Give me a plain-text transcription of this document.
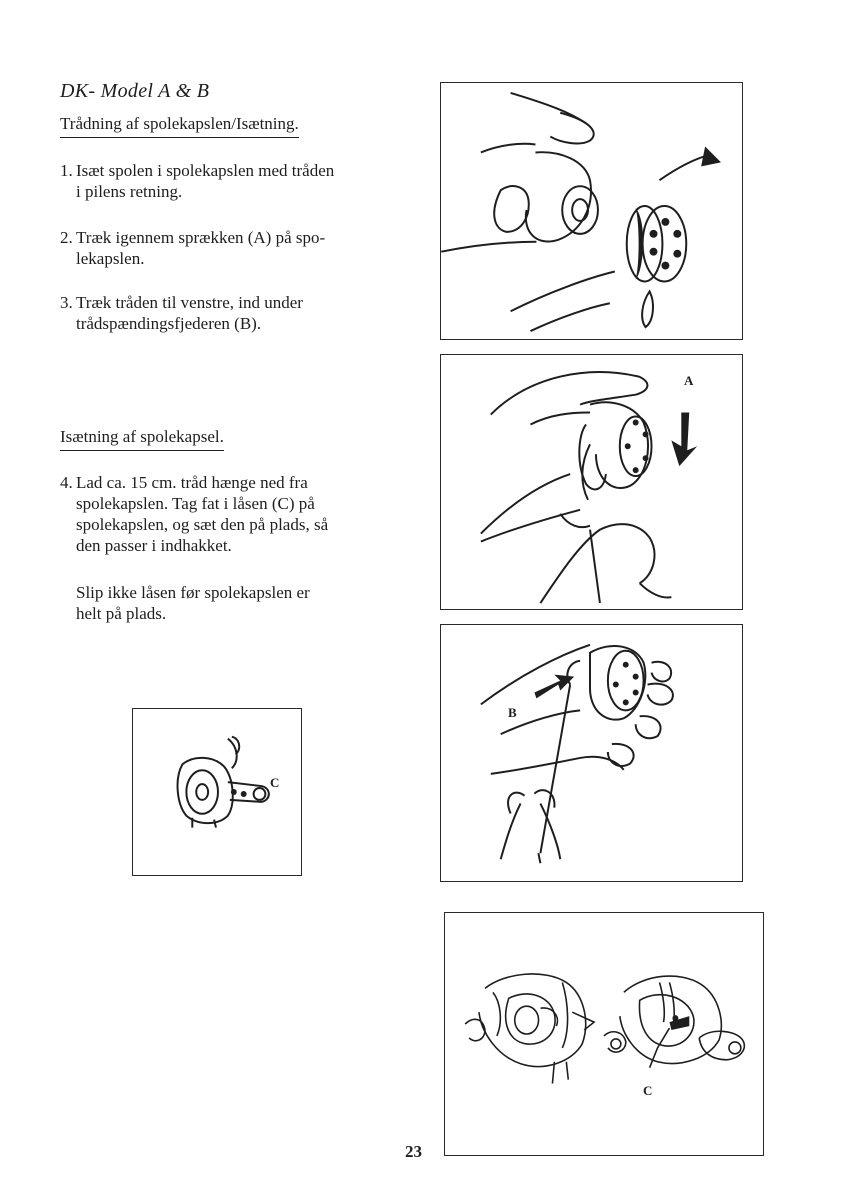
DK- Model A & B
Trådning af spolekapslen/Isætning.
1. Isæt spolen i spolekapslen med tråden
i pilens retning.
2. Træk igennem sprækken (A) på spo-
lekapslen.
3. Træk tråden til venstre, ind under
trådspændingsfjederen (B).
Isætning af spolekapsel.
4. Lad ca. 15 cm. tråd hænge ned fra
spolekapslen. Tag fat i låsen (C) på
spolekapslen, og sæt den på plads, så
den passer i indhakket.
Slip ikke låsen før spolekapslen er
helt på plads.
A
B
C
C
23
